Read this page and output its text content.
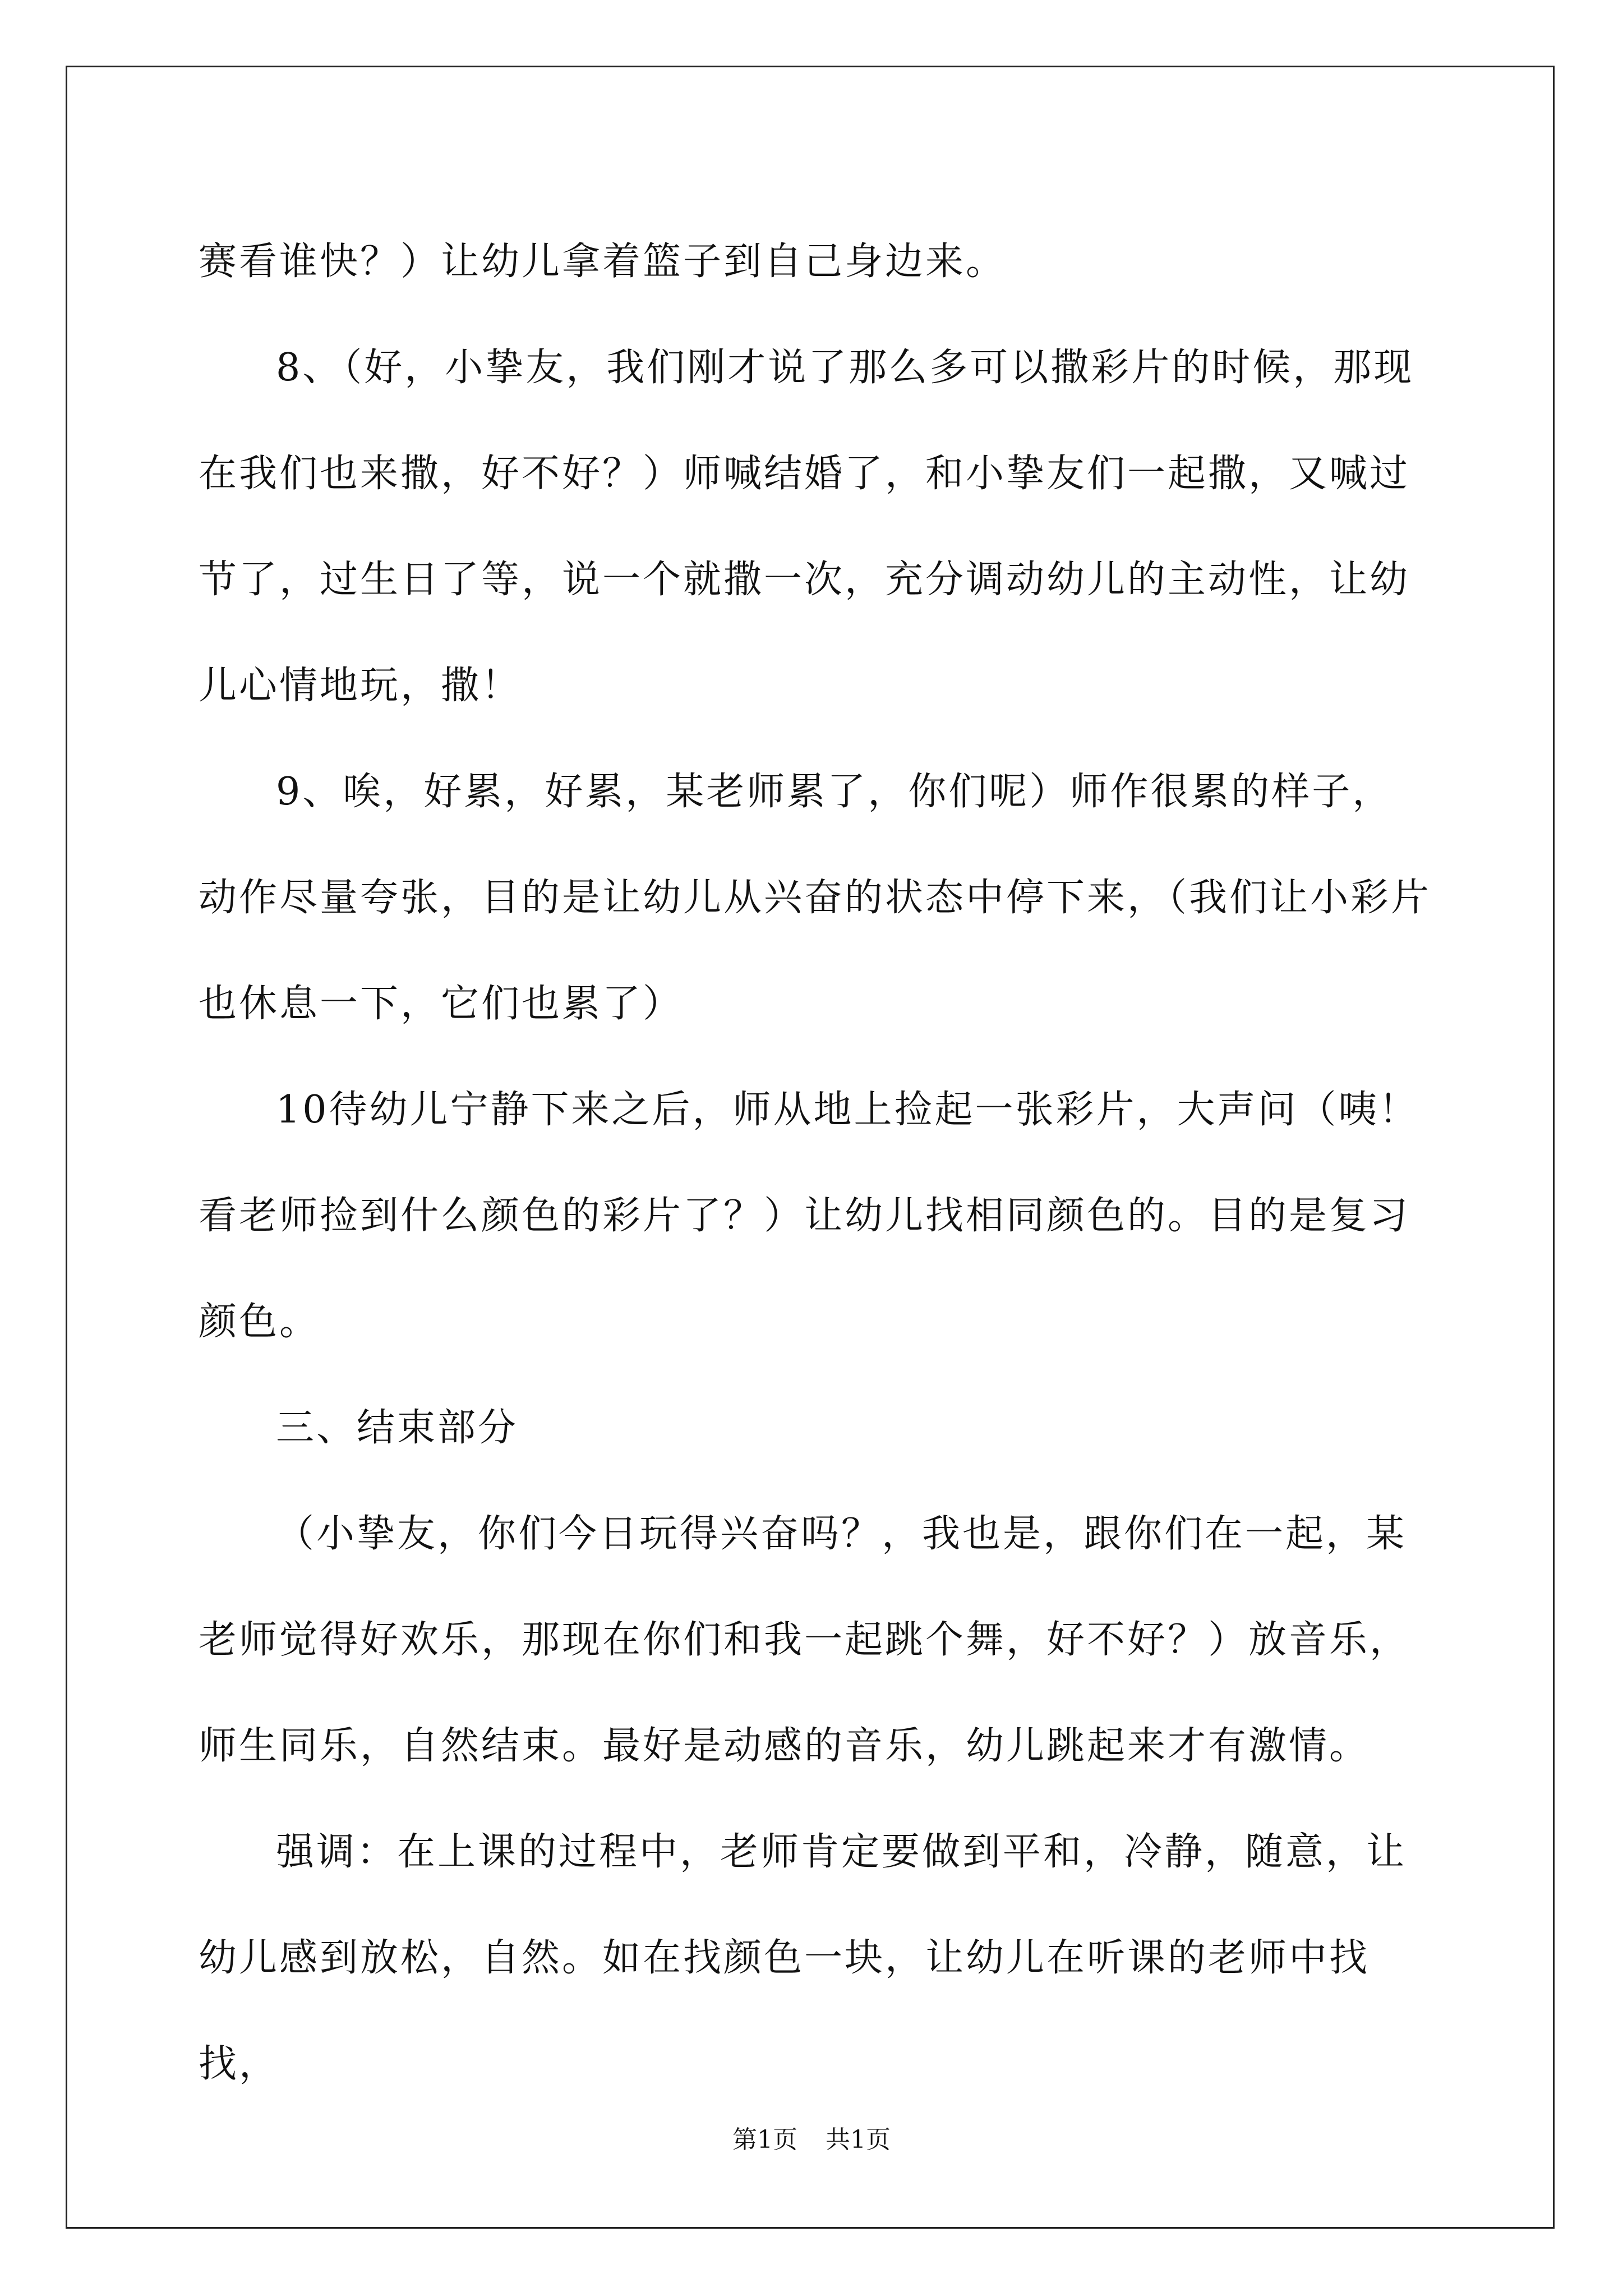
赛看谁快？）让幼儿拿着篮子到自己身边来。

8、（好，小挚友，我们刚才说了那么多可以撒彩片的时候，那现在我们也来撒，好不好？）师喊结婚了，和小挚友们一起撒，又喊过节了，过生日了等，说一个就撒一次，充分调动幼儿的主动性，让幼儿心情地玩，撒！

9、唉，好累，好累，某老师累了，你们呢）师作很累的样子，动作尽量夸张，目的是让幼儿从兴奋的状态中停下来，（我们让小彩片也休息一下，它们也累了）

10待幼儿宁静下来之后，师从地上捡起一张彩片，大声问（咦！看老师捡到什么颜色的彩片了？）让幼儿找相同颜色的。目的是复习颜色。

三、结束部分

（小挚友，你们今日玩得兴奋吗？，我也是，跟你们在一起，某老师觉得好欢乐，那现在你们和我一起跳个舞，好不好？）放音乐，师生同乐，自然结束。最好是动感的音乐，幼儿跳起来才有激情。

强调：在上课的过程中，老师肯定要做到平和，冷静，随意，让幼儿感到放松，自然。如在找颜色一块，让幼儿在听课的老师中找找，

第1页 共1页
